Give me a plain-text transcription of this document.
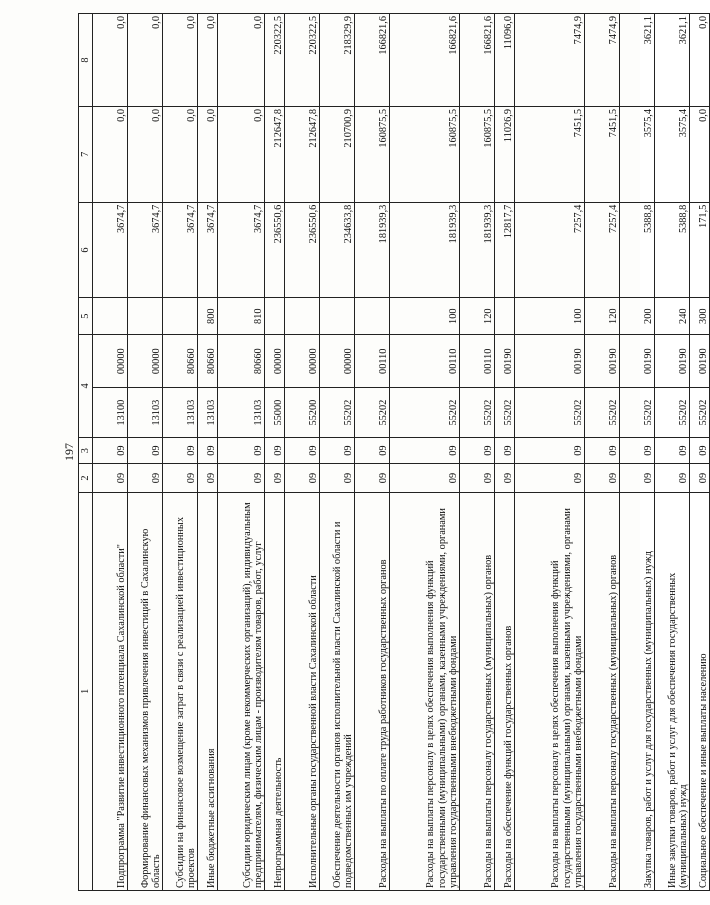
197
1	2	3	4		5	6	7	8
Подпрограмма "Развитие инвестиционного потенциала Сахалинской области"	09	09	13100	00000		3674,7	0,0	0,0
Формирование финансовых механизмов привлечения инвестиций в Сахалинскую область	09	09	13103	00000		3674,7	0,0	0,0
Субсидии на финансовое возмещение затрат в связи с реализацией инвестиционных проектов	09	09	13103	80660		3674,7	0,0	0,0
Иные бюджетные ассигнования	09	09	13103	80660	800	3674,7	0,0	0,0
Субсидии юридическим лицам (кроме некоммерческих организаций), индивидуальным предпринимателям, физическим лицам - производителям товаров, работ, услуг	09	09	13103	80660	810	3674,7	0,0	0,0
Непрограммная деятельность	09	09	55000	00000		236550,6	212647,8	220322,5
Исполнительные органы государственной власти Сахалинской области	09	09	55200	00000		236550,6	212647,8	220322,5
Обеспечение деятельности органов исполнительной власти Сахалинской области и подведомственных им учреждений	09	09	55202	00000		234633,8	210700,9	218329,9
Расходы на выплаты по оплате труда работников государственных органов	09	09	55202	00110		181939,3	160875,5	166821,6
Расходы на выплаты персоналу в целях обеспечения выполнения функций государственными (муниципальными) органами, казенными учреждениями, органами управления государственными внебюджетными фондами	09	09	55202	00110	100	181939,3	160875,5	166821,6
Расходы на выплаты персоналу государственных (муниципальных) органов	09	09	55202	00110	120	181939,3	160875,5	166821,6
Расходы на обеспечение функций государственных органов	09	09	55202	00190		12817,7	11026,9	11096,0
Расходы на выплаты персоналу в целях обеспечения выполнения функций государственными (муниципальными) органами, казенными учреждениями, органами управления государственными внебюджетными фондами	09	09	55202	00190	100	7257,4	7451,5	7474,9
Расходы на выплаты персоналу государственных (муниципальных) органов	09	09	55202	00190	120	7257,4	7451,5	7474,9
Закупка товаров, работ и услуг для государственных (муниципальных) нужд	09	09	55202	00190	200	5388,8	3575,4	3621,1
Иные закупки товаров, работ и услуг для обеспечения государственных (муниципальных) нужд	09	09	55202	00190	240	5388,8	3575,4	3621,1
Социальное обеспечение и иные выплаты населению	09	09	55202	00190	300	171,5	0,0	0,0
